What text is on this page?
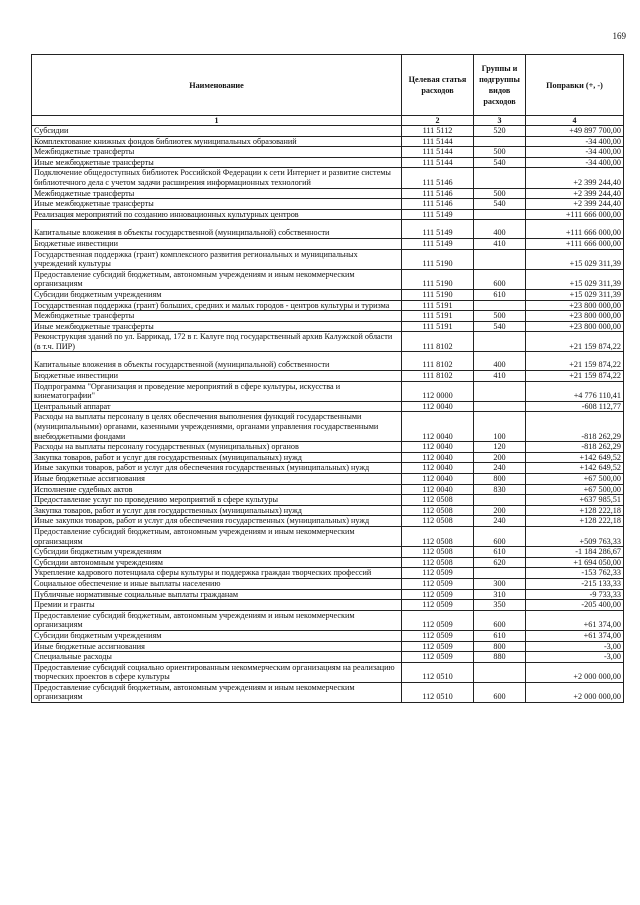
169
Наименование	Целевая статья расходов	Группы и подгруппы видов расходов	Поправки (+, -)
1	2	3	4
Субсидии	111 5112	520	+49 897 700,00
Комплектование книжных фондов библиотек муниципальных образований	111 5144		-34 400,00
Межбюджетные трансферты	111 5144	500	-34 400,00
Иные межбюджетные трансферты	111 5144	540	-34 400,00
Подключение общедоступных библиотек Российской Федерации к сети Интернет и развитие системы библиотечного дела с учетом задачи расширения информационных технологий	111 5146		+2 399 244,40
Межбюджетные трансферты	111 5146	500	+2 399 244,40
Иные межбюджетные трансферты	111 5146	540	+2 399 244,40
Реализация мероприятий по созданию инновационных культурных центров	111 5149		+111 666 000,00
Капитальные вложения в объекты государственной (муниципальной) собственности	111 5149	400	+111 666 000,00
Бюджетные инвестиции	111 5149	410	+111 666 000,00
Государственная поддержка (грант) комплексного развития региональных и муниципальных учреждений культуры	111 5190		+15 029 311,39
Предоставление субсидий бюджетным, автономным учреждениям и иным некоммерческим организациям	111 5190	600	+15 029 311,39
Субсидии бюджетным учреждениям	111 5190	610	+15 029 311,39
Государственная поддержка (грант) больших, средних и малых городов - центров культуры и туризма	111 5191		+23 800 000,00
Межбюджетные трансферты	111 5191	500	+23 800 000,00
Иные межбюджетные трансферты	111 5191	540	+23 800 000,00
Реконструкция зданий по ул. Баррикад, 172 в г. Калуге под государственный архив Калужской области (в т.ч. ПИР)	111 8102		+21 159 874,22
Капитальные вложения в объекты государственной (муниципальной) собственности	111 8102	400	+21 159 874,22
Бюджетные инвестиции	111 8102	410	+21 159 874,22
Подпрограмма "Организация и проведение мероприятий в сфере культуры, искусства и кинематографии"	112 0000		+4 776 110,41
Центральный аппарат	112 0040		-608 112,77
Расходы на выплаты персоналу в целях обеспечения выполнения функций государственными (муниципальными) органами, казенными учреждениями, органами управления государственными внебюджетными фондами	112 0040	100	-818 262,29
Расходы на выплаты персоналу государственных (муниципальных) органов	112 0040	120	-818 262,29
Закупка товаров, работ и услуг для государственных (муниципальных) нужд	112 0040	200	+142 649,52
Иные закупки товаров, работ и услуг для обеспечения государственных (муниципальных) нужд	112 0040	240	+142 649,52
Иные бюджетные ассигнования	112 0040	800	+67 500,00
Исполнение судебных актов	112 0040	830	+67 500,00
Предоставление услуг по проведению мероприятий в сфере культуры	112 0508		+637 985,51
Закупка товаров, работ и услуг для государственных (муниципальных) нужд	112 0508	200	+128 222,18
Иные закупки товаров, работ и услуг для обеспечения государственных (муниципальных) нужд	112 0508	240	+128 222,18
Предоставление субсидий бюджетным, автономным учреждениям и иным некоммерческим организациям	112 0508	600	+509 763,33
Субсидии бюджетным учреждениям	112 0508	610	-1 184 286,67
Субсидии автономным учреждениям	112 0508	620	+1 694 050,00
Укрепление кадрового потенциала сферы культуры и поддержка граждан творческих профессий	112 0509		-153 762,33
Социальное обеспечение и иные выплаты населению	112 0509	300	-215 133,33
Публичные нормативные социальные выплаты гражданам	112 0509	310	-9 733,33
Премии и гранты	112 0509	350	-205 400,00
Предоставление субсидий бюджетным, автономным учреждениям и иным некоммерческим организациям	112 0509	600	+61 374,00
Субсидии бюджетным учреждениям	112 0509	610	+61 374,00
Иные бюджетные ассигнования	112 0509	800	-3,00
Специальные расходы	112 0509	880	-3,00
Предоставление субсидий социально ориентированным некоммерческим организациям на реализацию творческих проектов в сфере культуры	112 0510		+2 000 000,00
Предоставление субсидий бюджетным, автономным учреждениям и иным некоммерческим организациям	112 0510	600	+2 000 000,00
